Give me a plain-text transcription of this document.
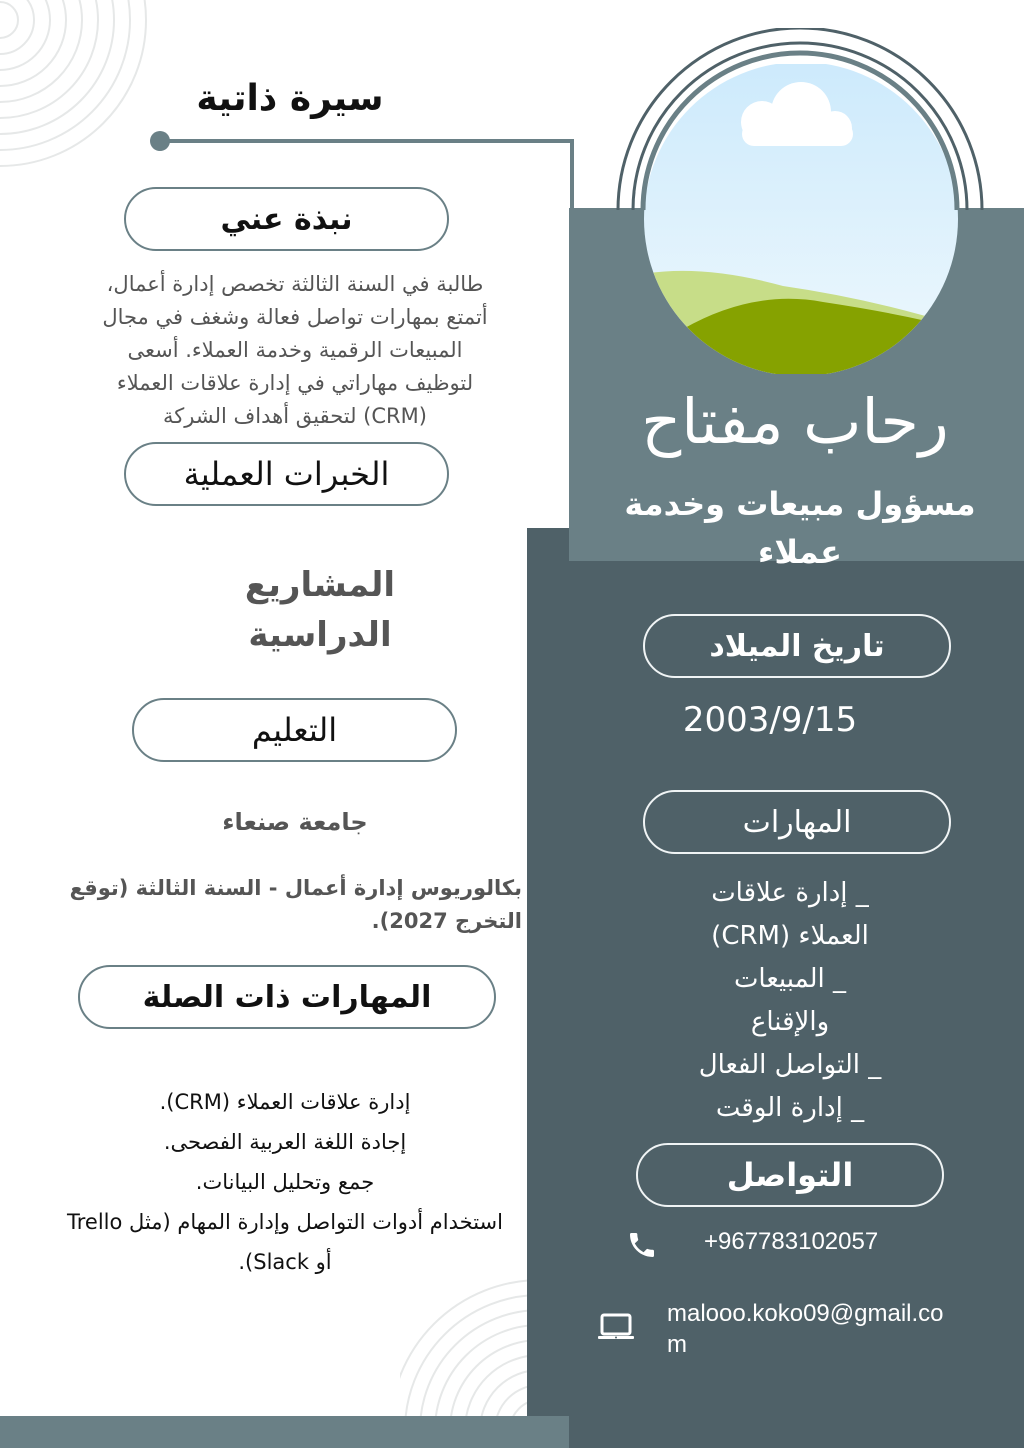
سيرة ذاتية
رحاب مفتاح
مسؤول مبيعات وخدمة
عملاء
نبذة عني
طالبة في السنة الثالثة تخصص إدارة أعمال،
أتمتع بمهارات تواصل فعالة وشغف في مجال
المبيعات الرقمية وخدمة العملاء. أسعى
لتوظيف مهاراتي في إدارة علاقات العملاء
(CRM) لتحقيق أهداف الشركة
الخبرات العملية
المشاريع
الدراسية
التعليم
جامعة صنعاء
بكالوريوس إدارة أعمال - السنة الثالثة (توقع
التخرج 2027).
المهارات ذات الصلة
إدارة علاقات العملاء (CRM).
إجادة اللغة العربية الفصحى.
جمع وتحليل البيانات.
استخدام أدوات التواصل وإدارة المهام (مثل Trello
أو Slack).
تاريخ الميلاد
2003/9/15
المهارات
_ إدارة علاقات
العملاء (CRM)
_ المبيعات
والإقناع
_ التواصل الفعال
_ إدارة الوقت
التواصل
+967783102057
malooo.koko09@gmail.co
m
